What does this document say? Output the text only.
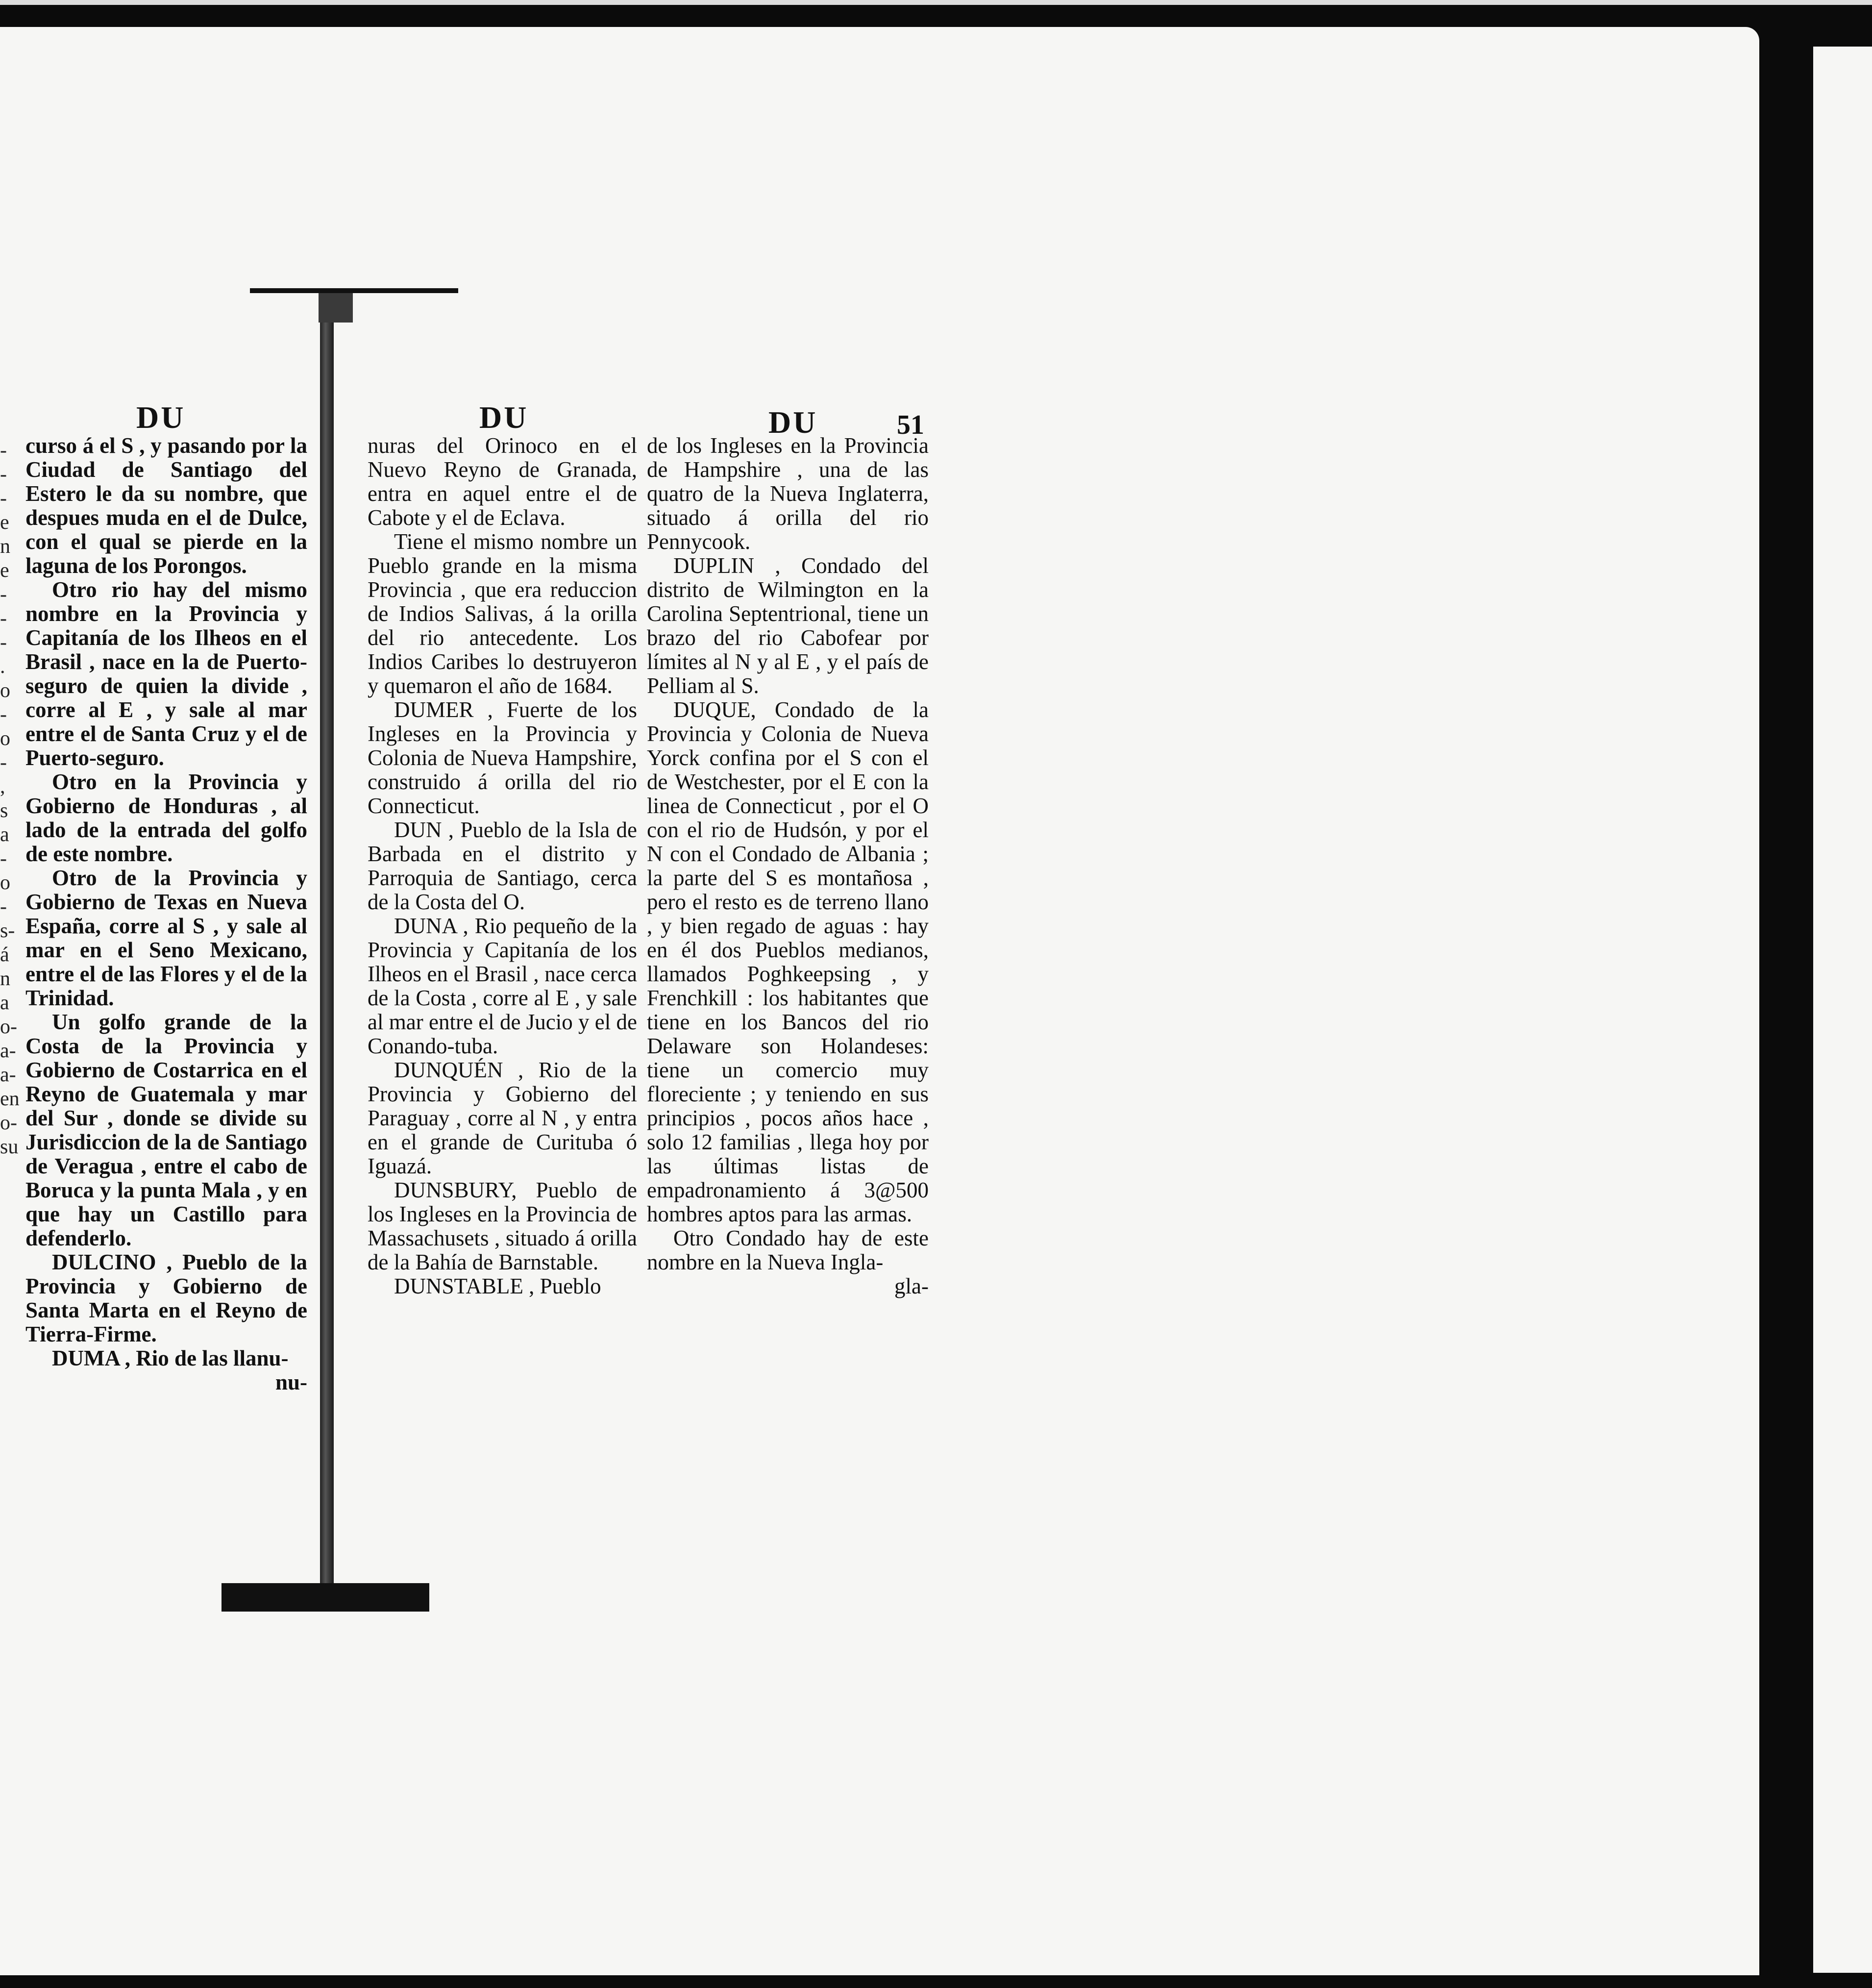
DU	DU	DU	51
-
-
-
e
n
e
-
-
-
.
o
-
o
-
,
s
a
-
o
-
s-
á
n
a
o-
a-
a-
en
o-
su

curso á el S , y pasando por la Ciudad de Santiago del Estero le da su nombre, que despues muda en el de Dulce, con el qual se pierde en la laguna de los Porongos.

Otro rio hay del mismo nombre en la Provincia y Capitanía de los Ilheos en el Brasil , nace en la de Puerto-seguro de quien la divide , corre al E , y sale al mar entre el de Santa Cruz y el de Puerto-seguro.

Otro en la Provincia y Gobierno de Honduras , al lado de la entrada del golfo de este nombre.

Otro de la Provincia y Gobierno de Texas en Nueva España, corre al S , y sale al mar en el Seno Mexicano, entre el de las Flores y el de la Trinidad.

Un golfo grande de la Costa de la Provincia y Gobierno de Costarrica en el Reyno de Guatemala y mar del Sur , donde se divide su Jurisdiccion de la de Santiago de Veragua , entre el cabo de Boruca y la punta Mala , y en que hay un Castillo para defenderlo.

DULCINO , Pueblo de la Provincia y Gobierno de Santa Marta en el Reyno de Tierra-Firme.

DUMA , Rio de las llanu-

nu-

nuras del Orinoco en el Nuevo Reyno de Granada, entra en aquel entre el de Cabote y el de Eclava.

Tiene el mismo nombre un Pueblo grande en la misma Provincia , que era reduccion de Indios Salivas, á la orilla del rio antecedente. Los Indios Caribes lo destruyeron y quemaron el año de 1684.

DUMER , Fuerte de los Ingleses en la Provincia y Colonia de Nueva Hampshire, construido á orilla del rio Connecticut.

DUN , Pueblo de la Isla de Barbada en el distrito y Parroquia de Santiago, cerca de la Costa del O.

DUNA , Rio pequeño de la Provincia y Capitanía de los Ilheos en el Brasil , nace cerca de la Costa , corre al E , y sale al mar entre el de Jucio y el de Conando-tuba.

DUNQUÉN , Rio de la Provincia y Gobierno del Paraguay , corre al N , y entra en el grande de Curituba ó Iguazá.

DUNSBURY, Pueblo de los Ingleses en la Provincia de Massachusets , situado á orilla de la Bahía de Barnstable.

DUNSTABLE , Pueblo

de los Ingleses en la Provincia de Hampshire , una de las quatro de la Nueva Inglaterra, situado á orilla del rio Pennycook.

DUPLIN , Condado del distrito de Wilmington en la Carolina Septentrional, tiene un brazo del rio Cabofear por límites al N y al E , y el país de Pelliam al S.

DUQUE, Condado de la Provincia y Colonia de Nueva Yorck confina por el S con el de Westchester, por el E con la linea de Connecticut , por el O con el rio de Hudsón, y por el N con el Condado de Albania ; la parte del S es montañosa , pero el resto es de terreno llano , y bien regado de aguas : hay en él dos Pueblos medianos, llamados Poghkeepsing , y Frenchkill : los habitantes que tiene en los Bancos del rio Delaware son Holandeses: tiene un comercio muy floreciente ; y teniendo en sus principios , pocos años hace , solo 12 familias , llega hoy por las últimas listas de empadronamiento á 3@500 hombres aptos para las armas.

Otro Condado hay de este nombre en la Nueva Ingla-

gla-
